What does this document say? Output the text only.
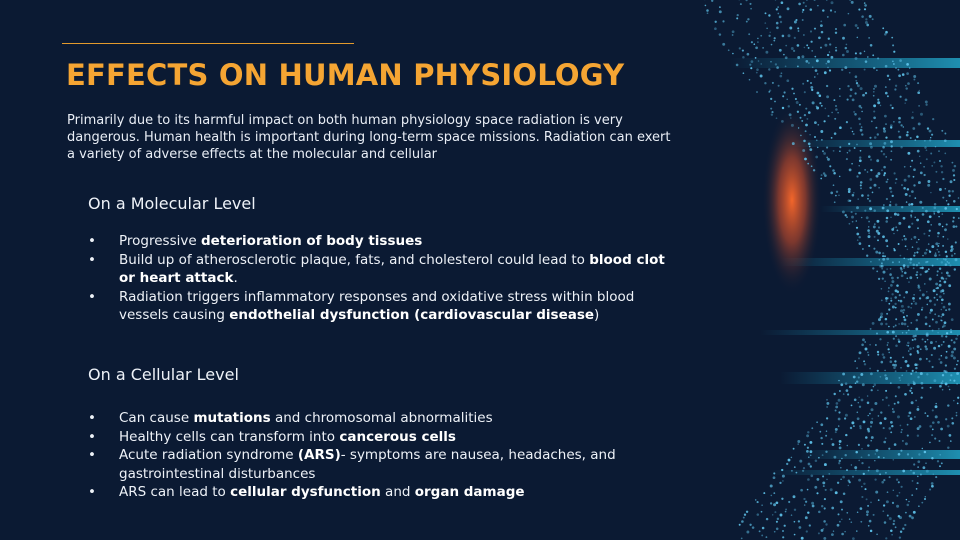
EFFECTS ON HUMAN PHYSIOLOGY

Primarily due to its harmful impact on both human physiology space radiation is very dangerous. Human health is important during long-term space missions. Radiation can exert a variety of adverse effects at the molecular and cellular

On a Molecular Level
• Progressive deterioration of body tissues
• Build up of atherosclerotic plaque, fats, and cholesterol could lead to blood clot or heart attack.
• Radiation triggers inflammatory responses and oxidative stress within blood vessels causing endothelial dysfunction (cardiovascular disease)
On a Cellular Level
• Can cause mutations and chromosomal abnormalities
• Healthy cells can transform into cancerous cells
• Acute radiation syndrome (ARS)- symptoms are nausea, headaches, and gastrointestinal disturbances
• ARS can lead to cellular dysfunction and organ damage
